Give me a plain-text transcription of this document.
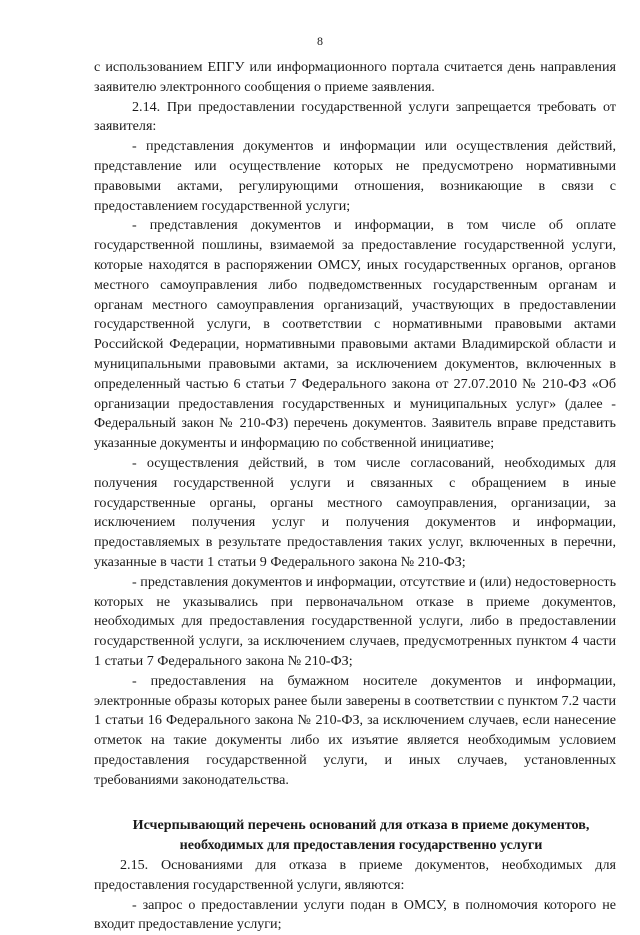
8

с использованием ЕПГУ или информационного портала считается день направления заявителю электронного сообщения о приеме заявления.

2.14. При предоставлении государственной услуги запрещается требовать от заявителя:

- представления документов и информации или осуществления действий, представление или осуществление которых не предусмотрено нормативными правовыми актами, регулирующими отношения, возникающие в связи с предоставлением государственной услуги;

- представления документов и информации, в том числе об оплате государственной пошлины, взимаемой за предоставление государственной услуги, которые находятся в распоряжении ОМСУ, иных государственных органов, органов местного самоуправления либо подведомственных государственным органам и органам местного самоуправления организаций, участвующих в предоставлении государственной услуги, в соответствии с нормативными правовыми актами Российской Федерации, нормативными правовыми актами Владимирской области и муниципальными правовыми актами, за исключением документов, включенных в определенный частью 6 статьи 7 Федерального закона от 27.07.2010 № 210-ФЗ «Об организации предоставления государственных и муниципальных услуг» (далее - Федеральный закон № 210-ФЗ) перечень документов. Заявитель вправе представить указанные документы и информацию по собственной инициативе;

- осуществления действий, в том числе согласований, необходимых для получения государственной услуги и связанных с обращением в иные государственные органы, органы местного самоуправления, организации, за исключением получения услуг и получения документов и информации, предоставляемых в результате предоставления таких услуг, включенных в перечни, указанные в части 1 статьи 9 Федерального закона № 210-ФЗ;

- представления документов и информации, отсутствие и (или) недостоверность которых не указывались при первоначальном отказе в приеме документов, необходимых для предоставления государственной услуги, либо в предоставлении государственной услуги, за исключением случаев, предусмотренных пунктом 4 части 1 статьи 7 Федерального закона № 210-ФЗ;

- предоставления на бумажном носителе документов и информации, электронные образы которых ранее были заверены в соответствии с пунктом 7.2 части 1 статьи 16 Федерального закона № 210-ФЗ, за исключением случаев, если нанесение отметок на такие документы либо их изъятие является необходимым условием предоставления государственной услуги, и иных случаев, установленных требованиями законодательства.

Исчерпывающий перечень оснований для отказа в приеме документов, необходимых для предоставления государственно услуги

2.15. Основаниями для отказа в приеме документов, необходимых для предоставления государственной услуги, являются:

- запрос о предоставлении услуги подан в ОМСУ, в полномочия которого не входит предоставление услуги;
